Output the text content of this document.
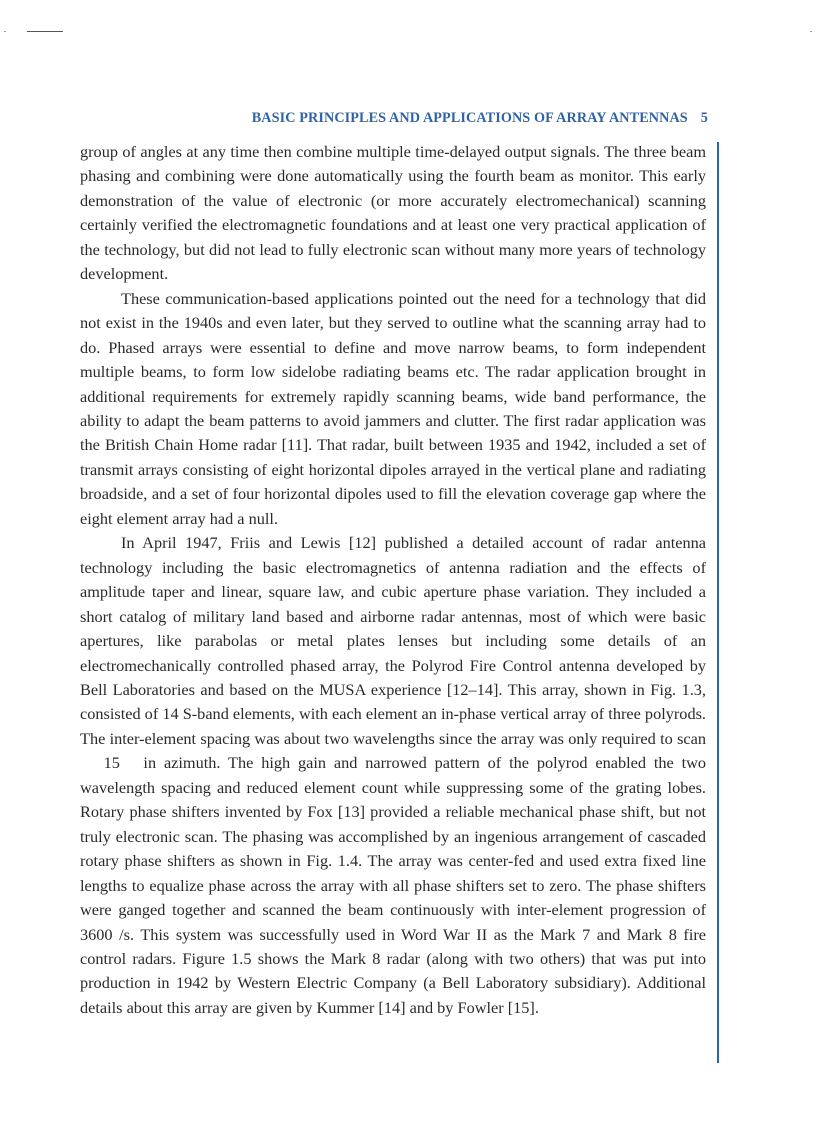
BASIC PRINCIPLES AND APPLICATIONS OF ARRAY ANTENNAS 5

group of angles at any time then combine multiple time-delayed output signals. The three beam phasing and combining were done automatically using the fourth beam as monitor. This early demonstration of the value of electronic (or more accurately electromechanical) scanning certainly verified the electromagnetic foundations and at least one very practical application of the technology, but did not lead to fully electronic scan without many more years of technology development.

These communication-based applications pointed out the need for a technology that did not exist in the 1940s and even later, but they served to outline what the scanning array had to do. Phased arrays were essential to define and move narrow beams, to form independent multiple beams, to form low sidelobe radiating beams etc. The radar application brought in additional requirements for extremely rapidly scanning beams, wide band performance, the ability to adapt the beam patterns to avoid jammers and clutter. The first radar application was the British Chain Home radar [11]. That radar, built between 1935 and 1942, included a set of transmit arrays consisting of eight horizontal dipoles arrayed in the vertical plane and radiating broadside, and a set of four horizontal dipoles used to fill the elevation coverage gap where the eight element array had a null.

In April 1947, Friis and Lewis [12] published a detailed account of radar antenna technology including the basic electromagnetics of antenna radiation and the effects of amplitude taper and linear, square law, and cubic aperture phase variation. They included a short catalog of military land based and airborne radar antennas, most of which were basic apertures, like parabolas or metal plates lenses but including some details of an electromechanically controlled phased array, the Polyrod Fire Control antenna developed by Bell Laboratories and based on the MUSA experience [12–14]. This array, shown in Fig. 1.3, consisted of 14 S-band elements, with each element an in-phase vertical array of three polyrods. The inter-element spacing was about two wavelengths since the array was only required to scan    15   in azimuth. The high gain and narrowed pattern of the polyrod enabled the two wavelength spacing and reduced element count while suppressing some of the grating lobes. Rotary phase shifters invented by Fox [13] provided a reliable mechanical phase shift, but not truly electronic scan. The phasing was accomplished by an ingenious arrangement of cascaded rotary phase shifters as shown in Fig. 1.4. The array was center-fed and used extra fixed line lengths to equalize phase across the array with all phase shifters set to zero. The phase shifters were ganged together and scanned the beam continuously with inter-element progression of 3600 /s. This system was successfully used in Word War II as the Mark 7 and Mark 8 fire control radars. Figure 1.5 shows the Mark 8 radar (along with two others) that was put into production in 1942 by Western Electric Company (a Bell Laboratory subsidiary). Additional details about this array are given by Kummer [14] and by Fowler [15].
